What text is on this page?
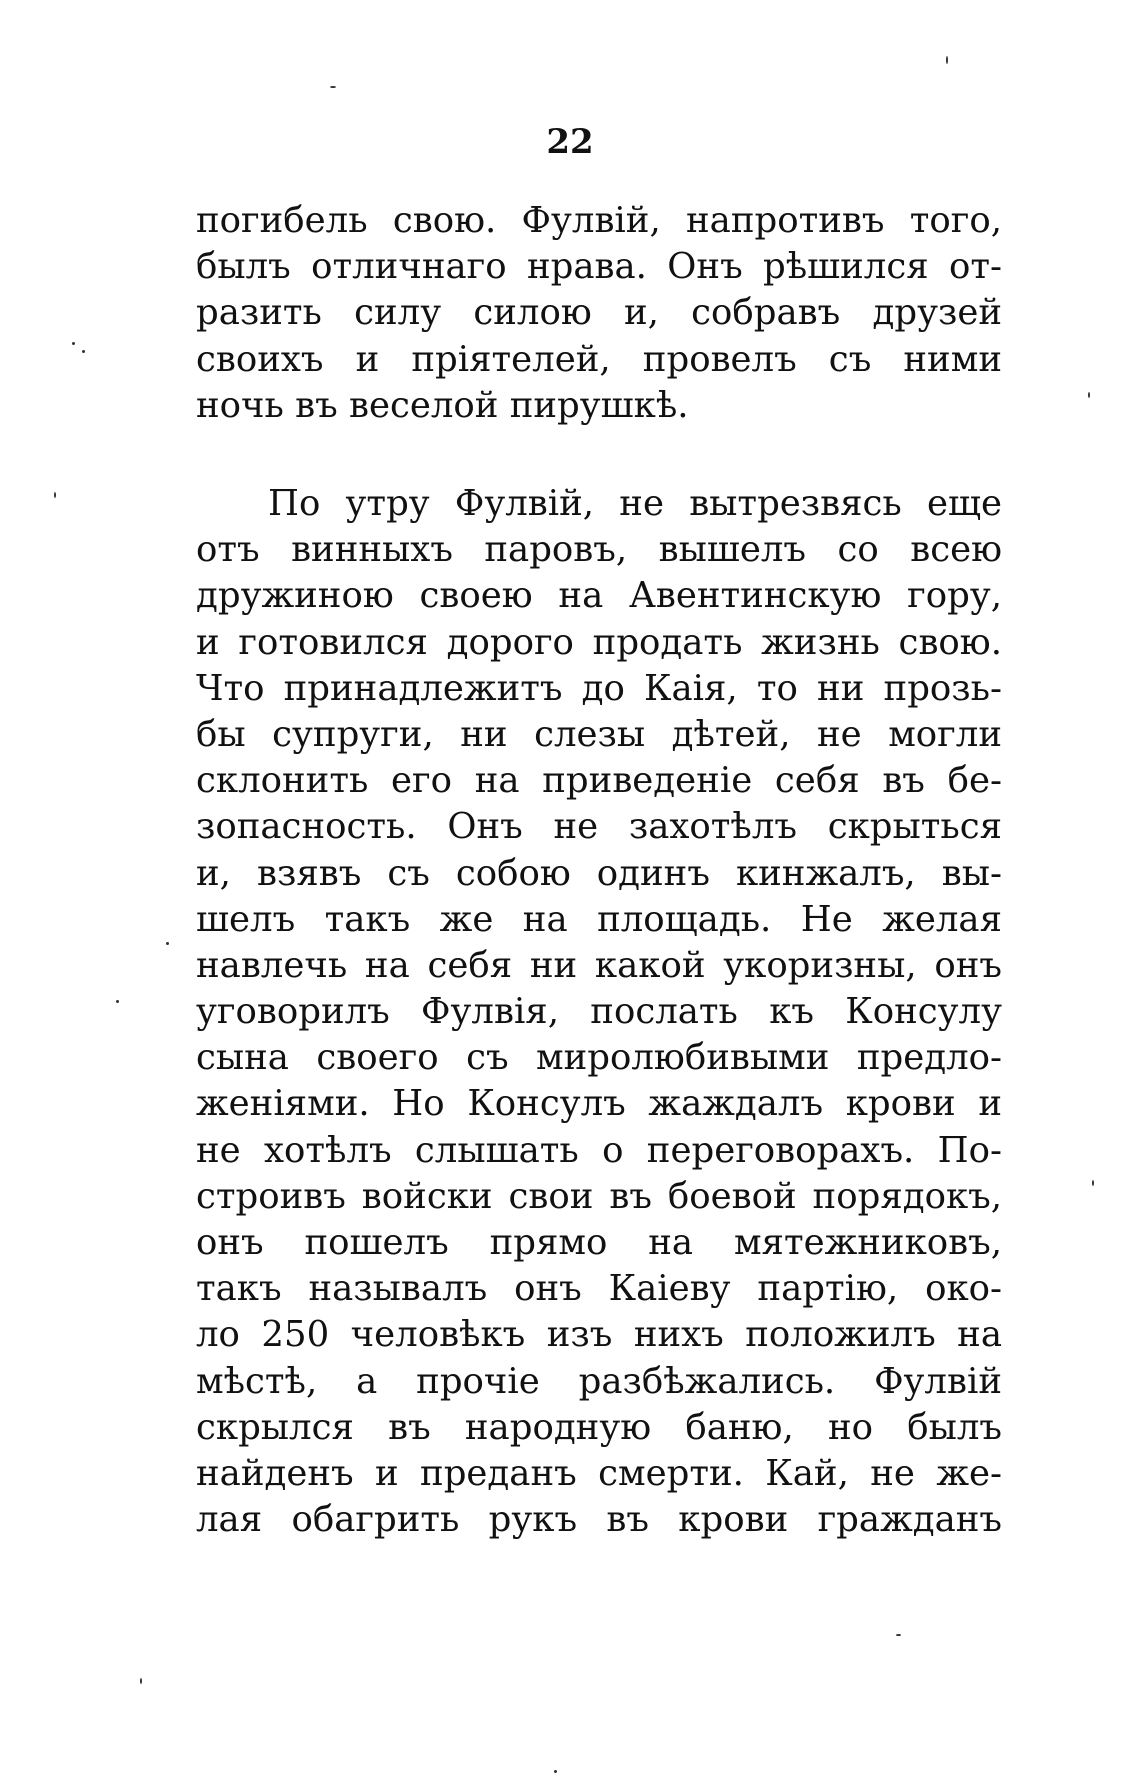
22
погибель свою. Фулвій, напротивъ того,
былъ отличнаго нрава. Онъ рѣшился от-
разить силу силою и, собравъ друзей
своихъ и пріятелей, провелъ съ ними
ночь въ веселой пирушкѣ.
По утру Фулвій, не вытрезвясь еще
отъ винныхъ паровъ, вышелъ со всею
дружиною своею на Авентинскую гору,
и готовился дорого продать жизнь свою.
Что принадлежитъ до Каія, то ни прозь-
бы супруги, ни слезы дѣтей, не могли
склонить его на приведеніе себя въ бе-
зопасность. Онъ не захотѣлъ скрыться
и, взявъ съ собою одинъ кинжалъ, вы-
шелъ такъ же на площадь. Не желая
навлечь на себя ни какой укоризны, онъ
уговорилъ Фулвія, послать къ Консулу
сына своего съ миролюбивыми предло-
женіями. Но Консулъ жаждалъ крови и
не хотѣлъ слышать о переговорахъ. По-
строивъ войски свои въ боевой порядокъ,
онъ пошелъ прямо на мятежниковъ,
такъ называлъ онъ Каіеву партію, око-
ло 250 человѣкъ изъ нихъ положилъ на
мѣстѣ, а прочіе разбѣжались. Фулвій
скрылся въ народную баню, но былъ
найденъ и преданъ смерти. Кай, не же-
лая обагрить рукъ въ крови гражданъ
